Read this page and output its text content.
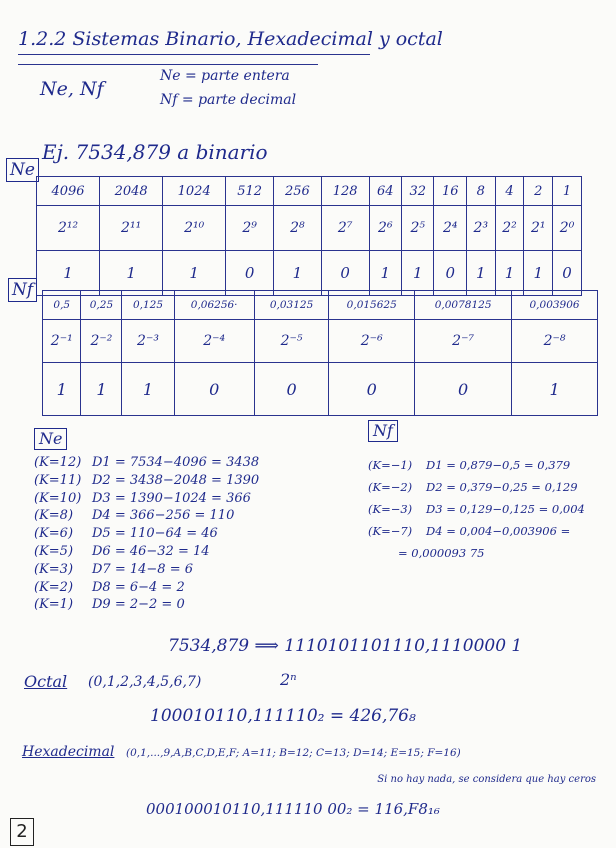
1.2.2 Sistemas Binario, Hexadecimal y octal
Ne, Nf
Ne = parte entera
Nf = parte decimal
Ej. 7534,879 a binario
Ne
4096	2048	1024	512	256	128	64	32	16	8	4	2	1
2¹²	2¹¹	2¹⁰	2⁹	2⁸	2⁷	2⁶	2⁵	2⁴	2³	2²	2¹	2⁰
1	1	1	0	1	0	1	1	0	1	1	1	0
Nf
0,5	0,25	0,125	0,06256·	0,03125	0,015625	0,0078125	0,003906
2⁻¹	2⁻²	2⁻³	2⁻⁴	2⁻⁵	2⁻⁶	2⁻⁷	2⁻⁸
1	1	1	0	0	0	0	1
Ne
(K=12) D1 = 7534−4096 = 3438
(K=11) D2 = 3438−2048 = 1390
(K=10) D3 = 1390−1024 = 366
(K=8) D4 = 366−256 = 110
(K=6) D5 = 110−64 = 46
(K=5) D6 = 46−32 = 14
(K=3) D7 = 14−8 = 6
(K=2) D8 = 6−4 = 2
(K=1) D9 = 2−2 = 0
Nf
(K=−1) D1 = 0,879−0,5 = 0,379
(K=−2) D2 = 0,379−0,25 = 0,129
(K=−3) D3 = 0,129−0,125 = 0,004
(K=−7) D4 = 0,004−0,003906 =
= 0,000093 75
7534,879 ⟹ 1110101101110,1110000 1
Octal (0,1,2,3,4,5,6,7)	2ⁿ
100010110,111110₂ = 426,76₈
Hexadecimal (0,1,...,9,A,B,C,D,E,F; A=11; B=12; C=13; D=14; E=15; F=16)
Si no hay nada, se considera que hay ceros
000100010110,111110 00₂ = 116,F8₁₆
2
